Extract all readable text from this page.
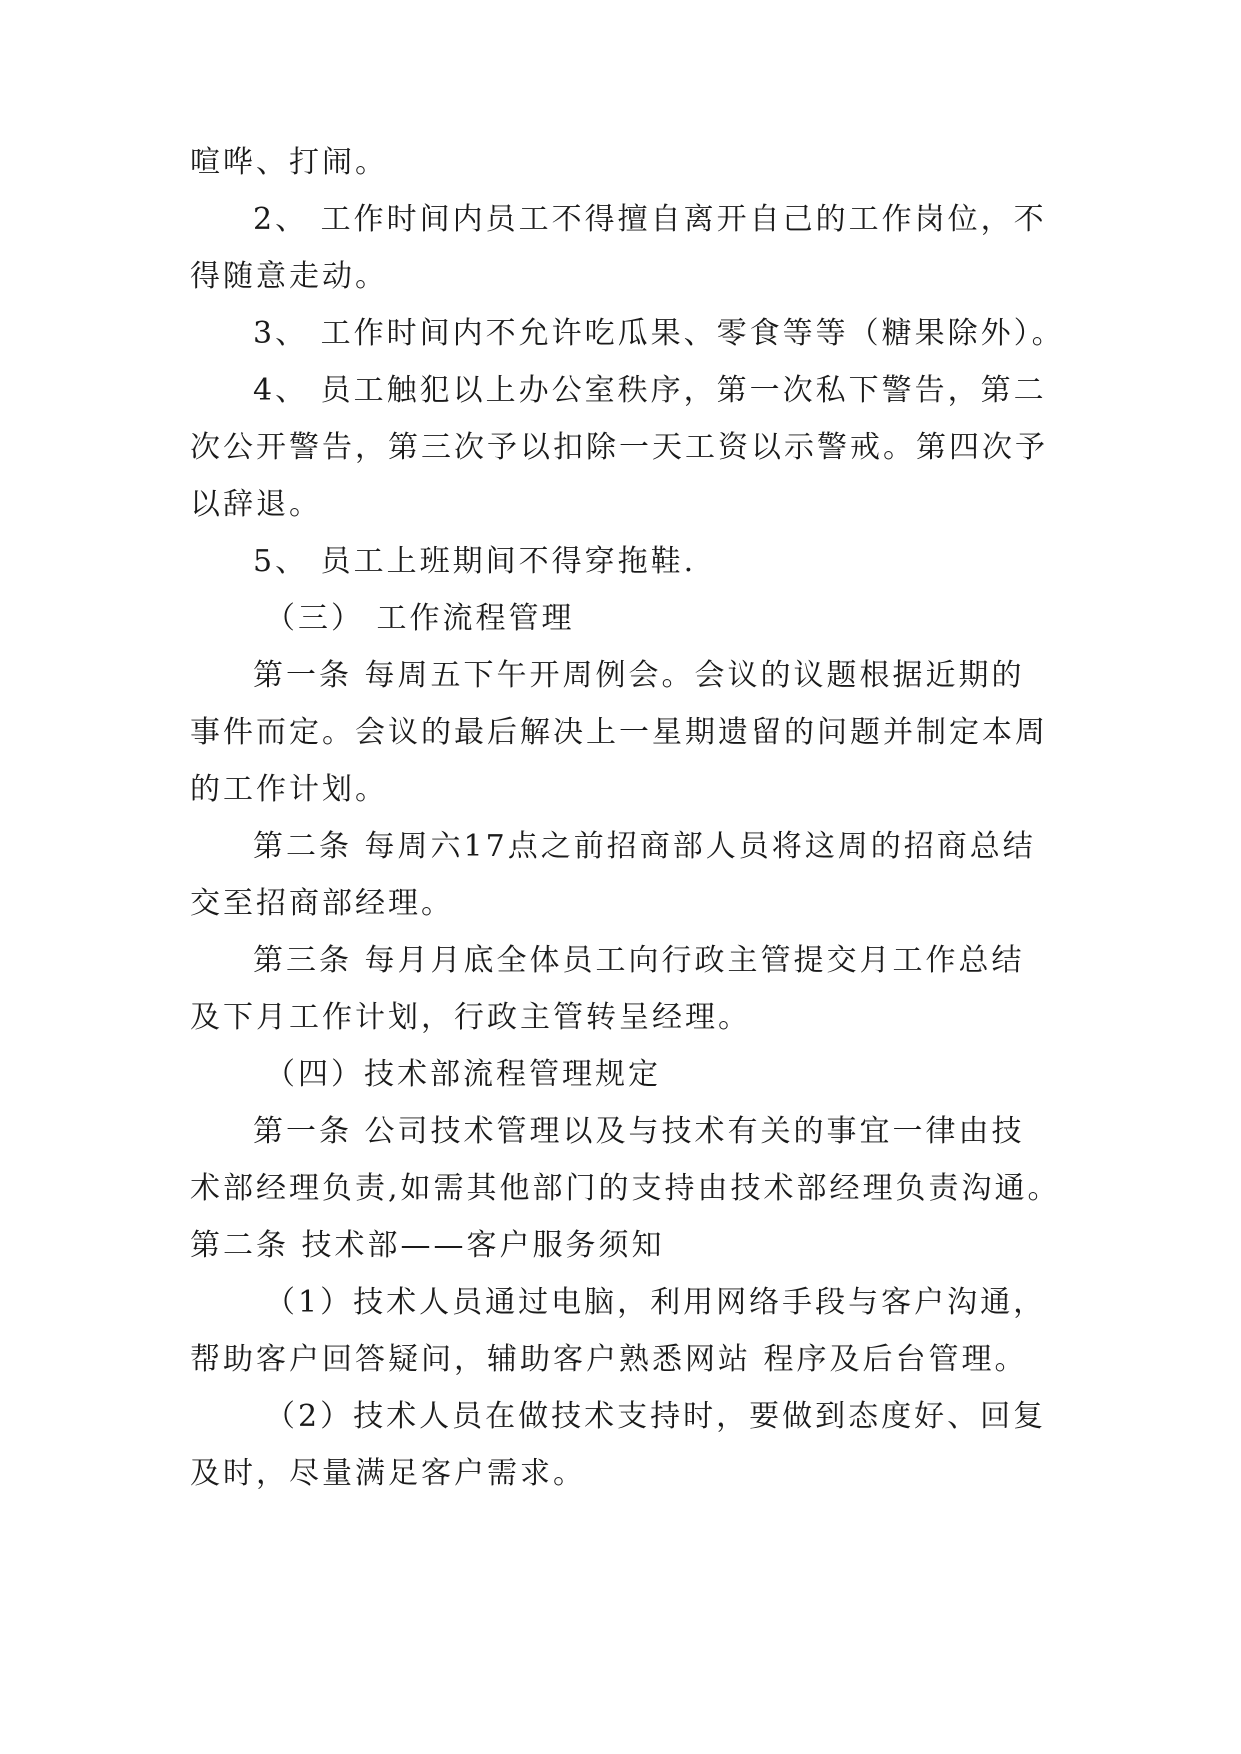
喧哗、打闹。
2、 工作时间内员工不得擅自离开自己的工作岗位，不
得随意走动。
3、 工作时间内不允许吃瓜果、零食等等（糖果除外）。
4、 员工触犯以上办公室秩序，第一次私下警告，第二
次公开警告，第三次予以扣除一天工资以示警戒。第四次予
以辞退。
5、 员工上班期间不得穿拖鞋.
（三） 工作流程管理
第一条 每周五下午开周例会。会议的议题根据近期的
事件而定。会议的最后解决上一星期遗留的问题并制定本周
的工作计划。
第二条 每周六17点之前招商部人员将这周的招商总结
交至招商部经理。
第三条 每月月底全体员工向行政主管提交月工作总结
及下月工作计划，行政主管转呈经理。
（四）技术部流程管理规定
第一条 公司技术管理以及与技术有关的事宜一律由技
术部经理负责,如需其他部门的支持由技术部经理负责沟通。
第二条 技术部——客户服务须知
（1）技术人员通过电脑，利用网络手段与客户沟通，
帮助客户回答疑问，辅助客户熟悉网站 程序及后台管理。
（2）技术人员在做技术支持时，要做到态度好、回复
及时，尽量满足客户需求。
